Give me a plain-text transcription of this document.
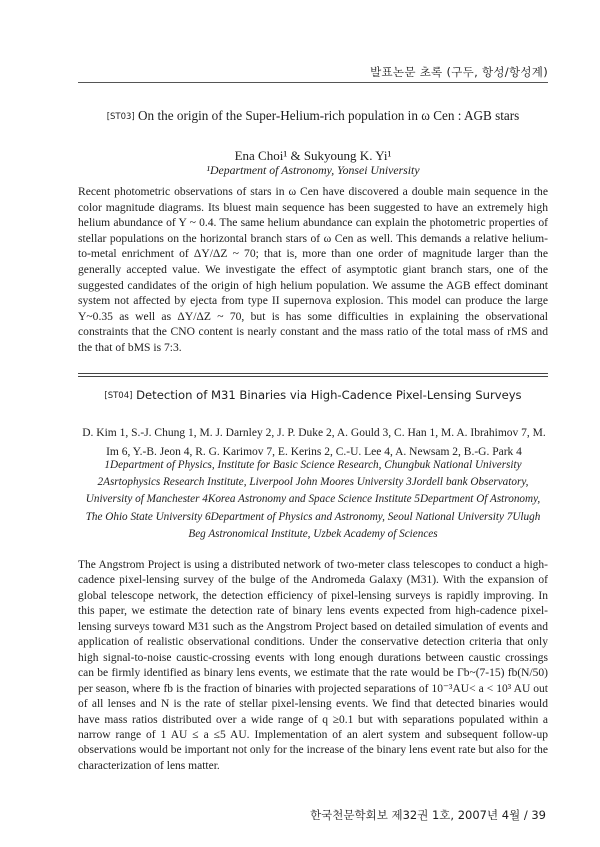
발표논문 초록 (구두, 항성/항성계)
[ST03] On the origin of the Super-Helium-rich population in ω Cen : AGB stars
Ena Choi¹ & Sukyoung K. Yi¹
¹Department of Astronomy, Yonsei University

Recent photometric observations of stars in ω Cen have discovered a double main sequence in the color magnitude diagrams. Its bluest main sequence has been suggested to have an extremely high helium abundance of Y ~ 0.4. The same helium abundance can explain the photometric properties of stellar populations on the horizontal branch stars of ω Cen as well. This demands a relative helium-to-metal enrichment of ΔY/ΔZ ~ 70; that is, more than one order of magnitude larger than the generally accepted value. We investigate the effect of asymptotic giant branch stars, one of the suggested candidates of the origin of high helium population. We assume the AGB effect dominant system not affected by ejecta from type II supernova explosion. This model can produce the large Y~0.35 as well as ΔY/ΔZ ~ 70, but is has some difficulties in explaining the observational constraints that the CNO content is nearly constant and the mass ratio of the total mass of rMS and the that of bMS is 7:3.

[ST04] Detection of M31 Binaries via High-Cadence Pixel-Lensing Surveys
D. Kim 1, S.-J. Chung 1, M. J. Darnley 2, J. P. Duke 2, A. Gould 3, C. Han 1, M. A. Ibrahimov 7, M. Im 6, Y.-B. Jeon 4, R. G. Karimov 7, E. Kerins 2, C.-U. Lee 4, A. Newsam 2, B.-G. Park 4
1Department of Physics, Institute for Basic Science Research, Chungbuk National University 2Asrtophysics Research Institute, Liverpool John Moores University 3Jordell bank Observatory, University of Manchester 4Korea Astronomy and Space Science Institute 5Department Of Astronomy, The Ohio State University 6Department of Physics and Astronomy, Seoul National University 7Ulugh Beg Astronomical Institute, Uzbek Academy of Sciences

The Angstrom Project is using a distributed network of two-meter class telescopes to conduct a high-cadence pixel-lensing survey of the bulge of the Andromeda Galaxy (M31). With the expansion of global telescope network, the detection efficiency of pixel-lensing surveys is rapidly improving. In this paper, we estimate the detection rate of binary lens events expected from high-cadence pixel-lensing surveys toward M31 such as the Angstrom Project based on detailed simulation of events and application of realistic observational conditions. Under the conservative detection criteria that only high signal-to-noise caustic-crossing events with long enough durations between caustic crossings can be firmly identified as binary lens events, we estimate that the rate would be Γb~(7-15) fb(N/50) per season, where fb is the fraction of binaries with projected separations of 10⁻³AU< a < 10³ AU out of all lenses and N is the rate of stellar pixel-lensing events. We find that detected binaries would have mass ratios distributed over a wide range of q ≥0.1 but with separations populated within a narrow range of 1 AU ≤ a ≤5 AU. Implementation of an alert system and subsequent follow-up observations would be important not only for the increase of the binary lens event rate but also for the characterization of lens matter.

한국천문학회보 제32권 1호, 2007년 4월 / 39
